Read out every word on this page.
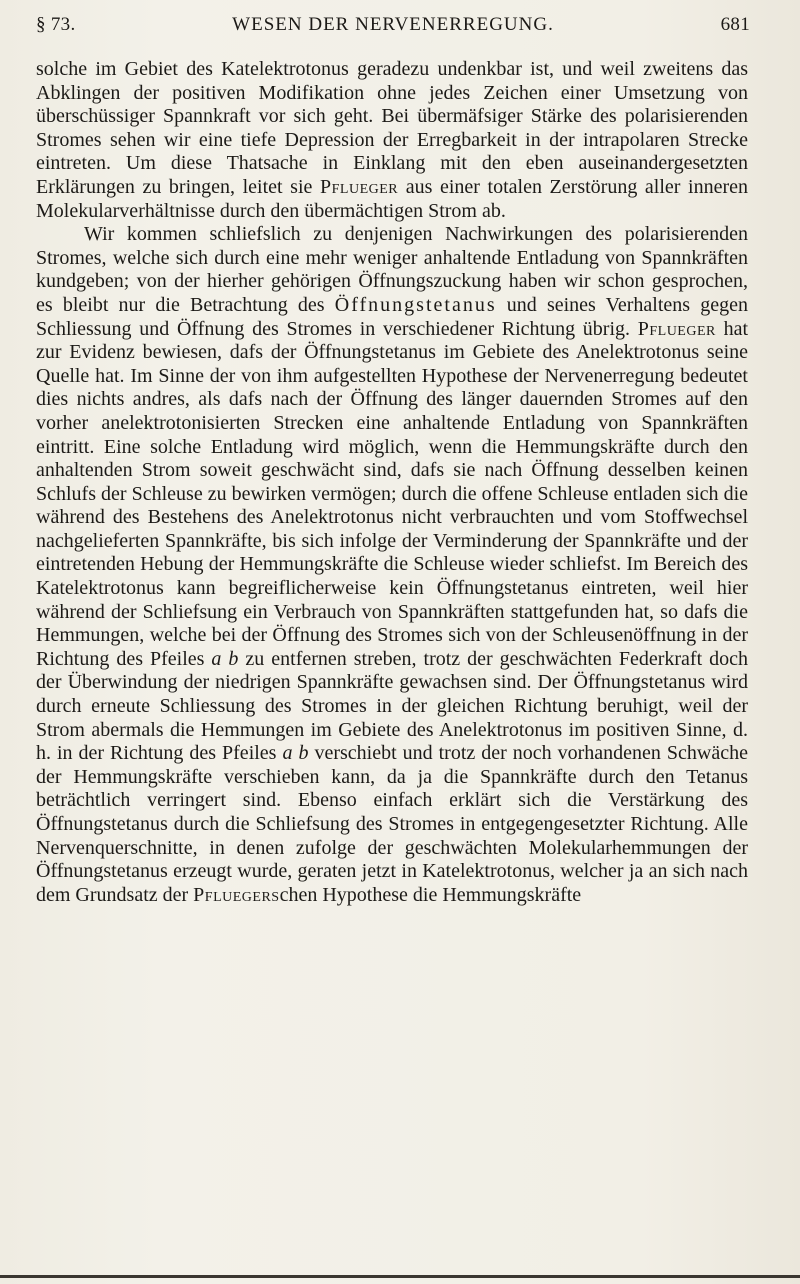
§ 73.	WESEN DER NERVENERREGUNG.	681

solche im Gebiet des Katelektrotonus geradezu undenkbar ist, und weil zweitens das Abklingen der positiven Modifikation ohne jedes Zeichen einer Umsetzung von überschüssiger Spannkraft vor sich geht. Bei übermäfsiger Stärke des polarisierenden Stromes sehen wir eine tiefe Depression der Erregbarkeit in der intrapolaren Strecke eintreten. Um diese Thatsache in Einklang mit den eben auseinandergesetzten Erklärungen zu bringen, leitet sie Pflueger aus einer totalen Zerstörung aller inneren Molekularverhältnisse durch den übermächtigen Strom ab.

Wir kommen schliefslich zu denjenigen Nachwirkungen des polarisierenden Stromes, welche sich durch eine mehr weniger anhaltende Entladung von Spannkräften kundgeben; von der hierher gehörigen Öffnungszuckung haben wir schon gesprochen, es bleibt nur die Betrachtung des Öffnungstetanus und seines Verhaltens gegen Schliessung und Öffnung des Stromes in verschiedener Richtung übrig. Pflueger hat zur Evidenz bewiesen, dafs der Öffnungstetanus im Gebiete des Anelektrotonus seine Quelle hat. Im Sinne der von ihm aufgestellten Hypothese der Nervenerregung bedeutet dies nichts andres, als dafs nach der Öffnung des länger dauernden Stromes auf den vorher anelektrotonisierten Strecken eine anhaltende Entladung von Spannkräften eintritt. Eine solche Entladung wird möglich, wenn die Hemmungskräfte durch den anhaltenden Strom soweit geschwächt sind, dafs sie nach Öffnung desselben keinen Schlufs der Schleuse zu bewirken vermögen; durch die offene Schleuse entladen sich die während des Bestehens des Anelektrotonus nicht verbrauchten und vom Stoffwechsel nachgelieferten Spannkräfte, bis sich infolge der Verminderung der Spannkräfte und der eintretenden Hebung der Hemmungskräfte die Schleuse wieder schliefst. Im Bereich des Katelektrotonus kann begreiflicherweise kein Öffnungstetanus eintreten, weil hier während der Schliefsung ein Verbrauch von Spannkräften stattgefunden hat, so dafs die Hemmungen, welche bei der Öffnung des Stromes sich von der Schleusenöffnung in der Richtung des Pfeiles a b zu entfernen streben, trotz der geschwächten Federkraft doch der Überwindung der niedrigen Spannkräfte gewachsen sind. Der Öffnungstetanus wird durch erneute Schliessung des Stromes in der gleichen Richtung beruhigt, weil der Strom abermals die Hemmungen im Gebiete des Anelektrotonus im positiven Sinne, d. h. in der Richtung des Pfeiles a b verschiebt und trotz der noch vorhandenen Schwäche der Hemmungskräfte verschieben kann, da ja die Spannkräfte durch den Tetanus beträchtlich verringert sind. Ebenso einfach erklärt sich die Verstärkung des Öffnungstetanus durch die Schliefsung des Stromes in entgegengesetzter Richtung. Alle Nervenquerschnitte, in denen zufolge der geschwächten Molekularhemmungen der Öffnungstetanus erzeugt wurde, geraten jetzt in Katelektrotonus, welcher ja an sich nach dem Grundsatz der Pfluegerschen Hypothese die Hemmungskräfte
